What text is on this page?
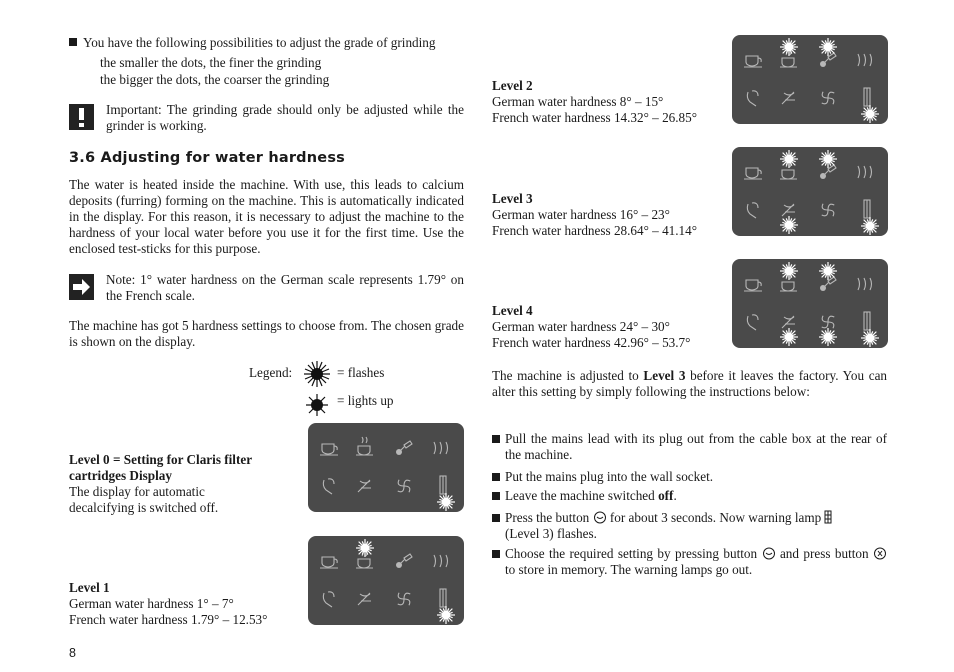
You have the following possibilities to adjust the grade of grinding
the smaller the dots, the finer the grinding
the bigger the dots, the coarser the grinding
Important: The grinding grade should only be adjusted while the grinder is working.
3.6 Adjusting for water hardness
The water is heated inside the machine. With use, this leads to calcium deposits (furring) forming on the machine. This is automatically indicated in the display. For this reason, it is necessary to adjust the machine to the hardness of your local water before you use it for the first time. Use the enclosed test-sticks for this purpose.
Note: 1° water hardness on the German scale represents 1.79° on the French scale.
The machine has got 5 hardness settings to choose from. The chosen grade is shown on the display.
Legend:	= flashes
= lights up
Level 0 = Setting for Claris filter cartridges Display
The display for automatic decalcifying is switched off.
Level 1
German water hardness 1° – 7°
French water hardness 1.79° – 12.53°
8
Level 2
German water hardness 8° – 15°
French water hardness 14.32° – 26.85°
Level 3
German water hardness 16° – 23°
French water hardness 28.64° – 41.14°
Level 4
German water hardness 24° – 30°
French water hardness 42.96° – 53.7°
The machine is adjusted to Level 3 before it leaves the factory. You can alter this setting by simply following the instructions below:
Pull the mains lead with its plug out from the cable box at the rear of the machine.
Put the mains plug into the wall socket.
Leave the machine switched off.
Press the button for about 3 seconds. Now warning lamp
(Level 3) flashes.
Choose the required setting by pressing button and press button  to store in memory. The warning lamps go out.
